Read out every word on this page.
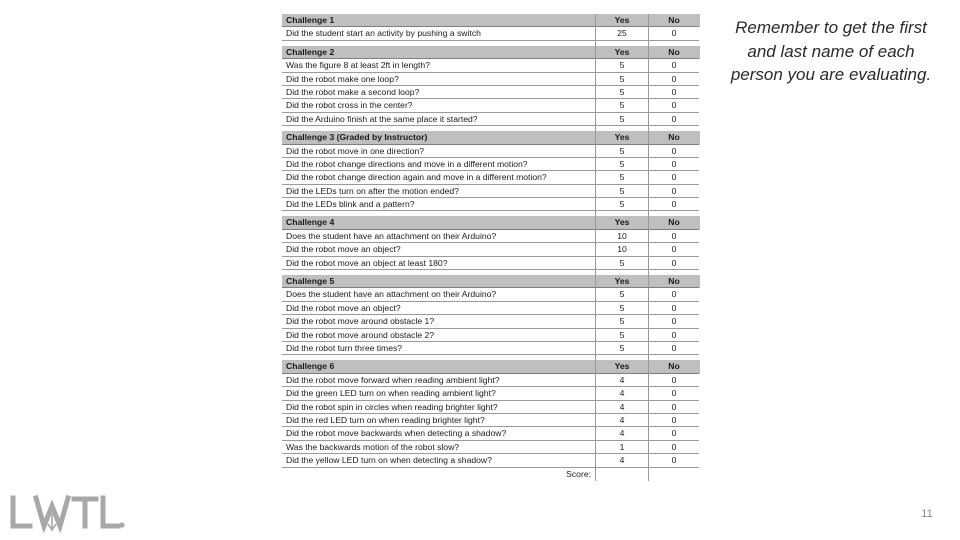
Challenge 1	Yes	No
Did the student start an activity by pushing a switch	25	0
Challenge 2	Yes	No
Was the figure 8 at least 2ft in length?	5	0
Did the robot make one loop?	5	0
Did the robot make a second loop?	5	0
Did the robot cross in the center?	5	0
Did the Arduino finish at the same place it started?	5	0
Challenge 3 (Graded by Instructor)	Yes	No
Did the robot move in one direction?	5	0
Did the robot change directions and move in a different motion?	5	0
Did the robot change direction again and move in a different motion?	5	0
Did the LEDs turn on after the motion ended?	5	0
Did the LEDs blink and a pattern?	5	0
Challenge 4	Yes	No
Does the student have an attachment on their Arduino?	10	0
Did the robot move an object?	10	0
Did the robot move an object at least 180?	5	0
Challenge 5	Yes	No
Does the student have an attachment on their Arduino?	5	0
Did the robot move an object?	5	0
Did the robot move around obstacle 1?	5	0
Did the robot move around obstacle 2?	5	0
Did the robot turn three times?	5	0
Challenge 6	Yes	No
Did the robot move forward when reading ambient light?	4	0
Did the green LED turn on when reading ambient light?	4	0
Did the robot spin in circles when reading brighter light?	4	0
Did the red LED turn on when reading brighter light?	4	0
Did the robot move backwards when detecting a shadow?	4	0
Was the backwards motion of the robot slow?	1	0
Did the yellow LED turn on when detecting a shadow?	4	0
Score:
Remember to get the first and last name of each person you are evaluating.
11
